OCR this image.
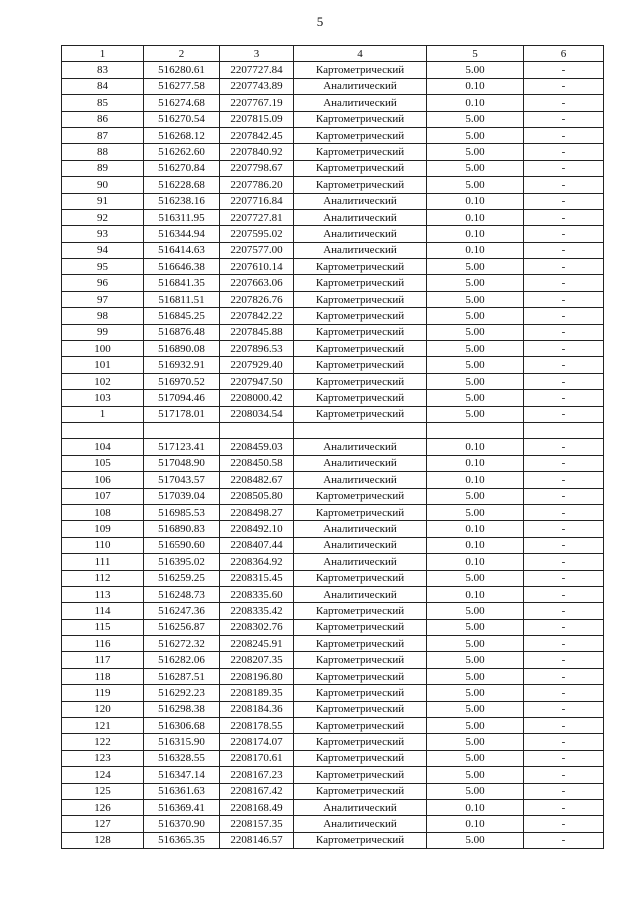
5
1	2	3	4	5	6
83	516280.61	2207727.84	Картометрический	5.00	-
84	516277.58	2207743.89	Аналитический	0.10	-
85	516274.68	2207767.19	Аналитический	0.10	-
86	516270.54	2207815.09	Картометрический	5.00	-
87	516268.12	2207842.45	Картометрический	5.00	-
88	516262.60	2207840.92	Картометрический	5.00	-
89	516270.84	2207798.67	Картометрический	5.00	-
90	516228.68	2207786.20	Картометрический	5.00	-
91	516238.16	2207716.84	Аналитический	0.10	-
92	516311.95	2207727.81	Аналитический	0.10	-
93	516344.94	2207595.02	Аналитический	0.10	-
94	516414.63	2207577.00	Аналитический	0.10	-
95	516646.38	2207610.14	Картометрический	5.00	-
96	516841.35	2207663.06	Картометрический	5.00	-
97	516811.51	2207826.76	Картометрический	5.00	-
98	516845.25	2207842.22	Картометрический	5.00	-
99	516876.48	2207845.88	Картометрический	5.00	-
100	516890.08	2207896.53	Картометрический	5.00	-
101	516932.91	2207929.40	Картометрический	5.00	-
102	516970.52	2207947.50	Картометрический	5.00	-
103	517094.46	2208000.42	Картометрический	5.00	-
1	517178.01	2208034.54	Картометрический	5.00	-

104	517123.41	2208459.03	Аналитический	0.10	-
105	517048.90	2208450.58	Аналитический	0.10	-
106	517043.57	2208482.67	Аналитический	0.10	-
107	517039.04	2208505.80	Картометрический	5.00	-
108	516985.53	2208498.27	Картометрический	5.00	-
109	516890.83	2208492.10	Аналитический	0.10	-
110	516590.60	2208407.44	Аналитический	0.10	-
111	516395.02	2208364.92	Аналитический	0.10	-
112	516259.25	2208315.45	Картометрический	5.00	-
113	516248.73	2208335.60	Аналитический	0.10	-
114	516247.36	2208335.42	Картометрический	5.00	-
115	516256.87	2208302.76	Картометрический	5.00	-
116	516272.32	2208245.91	Картометрический	5.00	-
117	516282.06	2208207.35	Картометрический	5.00	-
118	516287.51	2208196.80	Картометрический	5.00	-
119	516292.23	2208189.35	Картометрический	5.00	-
120	516298.38	2208184.36	Картометрический	5.00	-
121	516306.68	2208178.55	Картометрический	5.00	-
122	516315.90	2208174.07	Картометрический	5.00	-
123	516328.55	2208170.61	Картометрический	5.00	-
124	516347.14	2208167.23	Картометрический	5.00	-
125	516361.63	2208167.42	Картометрический	5.00	-
126	516369.41	2208168.49	Аналитический	0.10	-
127	516370.90	2208157.35	Аналитический	0.10	-
128	516365.35	2208146.57	Картометрический	5.00	-
